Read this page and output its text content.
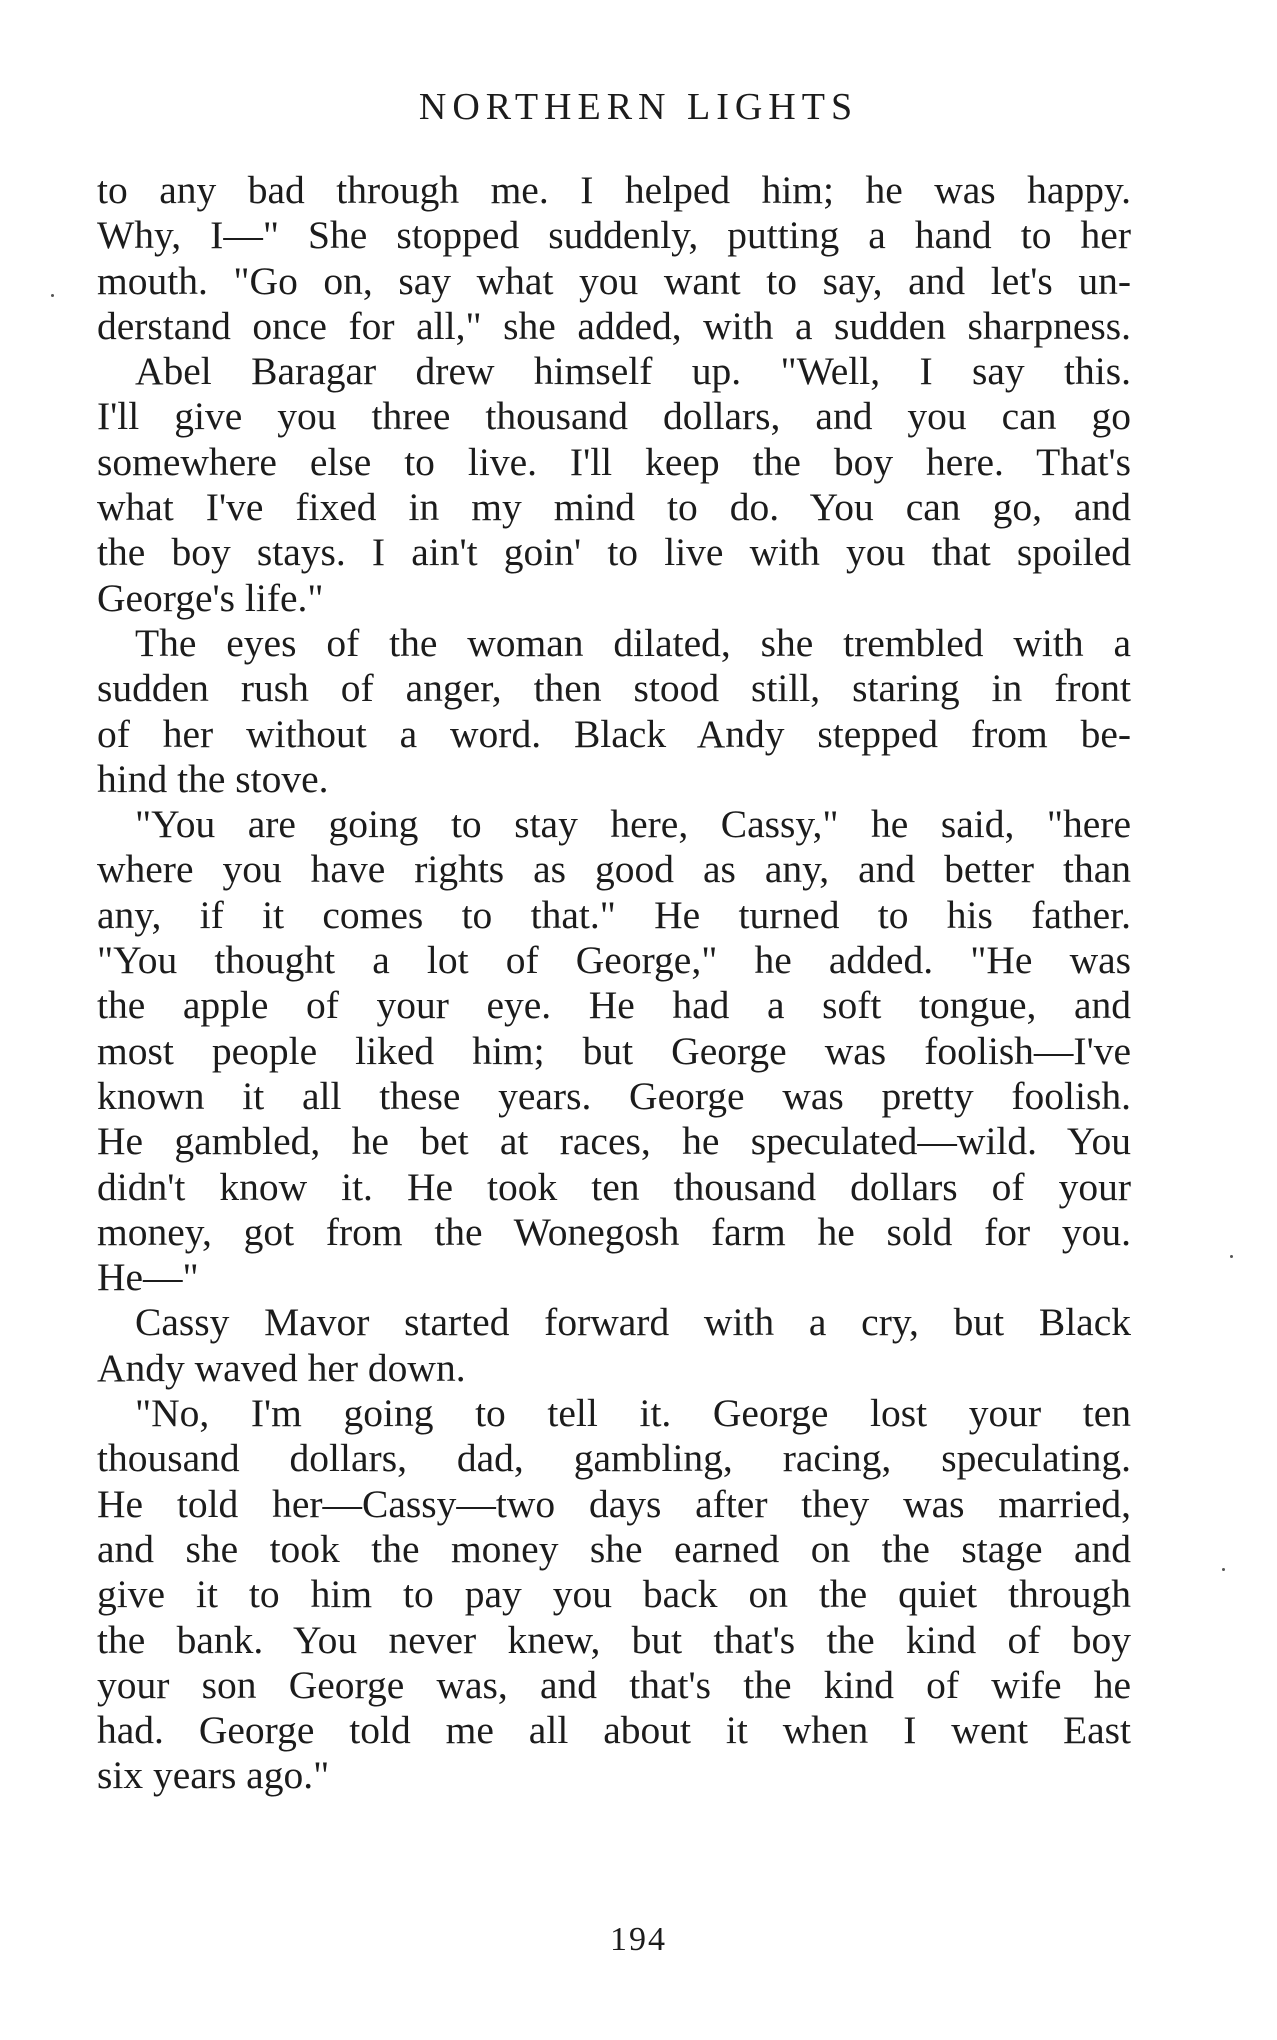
NORTHERN LIGHTS
to any bad through me. I helped him; he was happy.
Why, I—" She stopped suddenly, putting a hand to her
mouth. "Go on, say what you want to say, and let's un-
derstand once for all," she added, with a sudden sharpness.
Abel Baragar drew himself up. "Well, I say this.
I'll give you three thousand dollars, and you can go
somewhere else to live. I'll keep the boy here. That's
what I've fixed in my mind to do. You can go, and
the boy stays. I ain't goin' to live with you that spoiled
George's life."
The eyes of the woman dilated, she trembled with a
sudden rush of anger, then stood still, staring in front
of her without a word. Black Andy stepped from be-
hind the stove.
"You are going to stay here, Cassy," he said, "here
where you have rights as good as any, and better than
any, if it comes to that." He turned to his father.
"You thought a lot of George," he added. "He was
the apple of your eye. He had a soft tongue, and
most people liked him; but George was foolish—I've
known it all these years. George was pretty foolish.
He gambled, he bet at races, he speculated—wild. You
didn't know it. He took ten thousand dollars of your
money, got from the Wonegosh farm he sold for you.
He—"
Cassy Mavor started forward with a cry, but Black
Andy waved her down.
"No, I'm going to tell it. George lost your ten
thousand dollars, dad, gambling, racing, speculating.
He told her—Cassy—two days after they was married,
and she took the money she earned on the stage and
give it to him to pay you back on the quiet through
the bank. You never knew, but that's the kind of boy
your son George was, and that's the kind of wife he
had. George told me all about it when I went East
six years ago."
194
